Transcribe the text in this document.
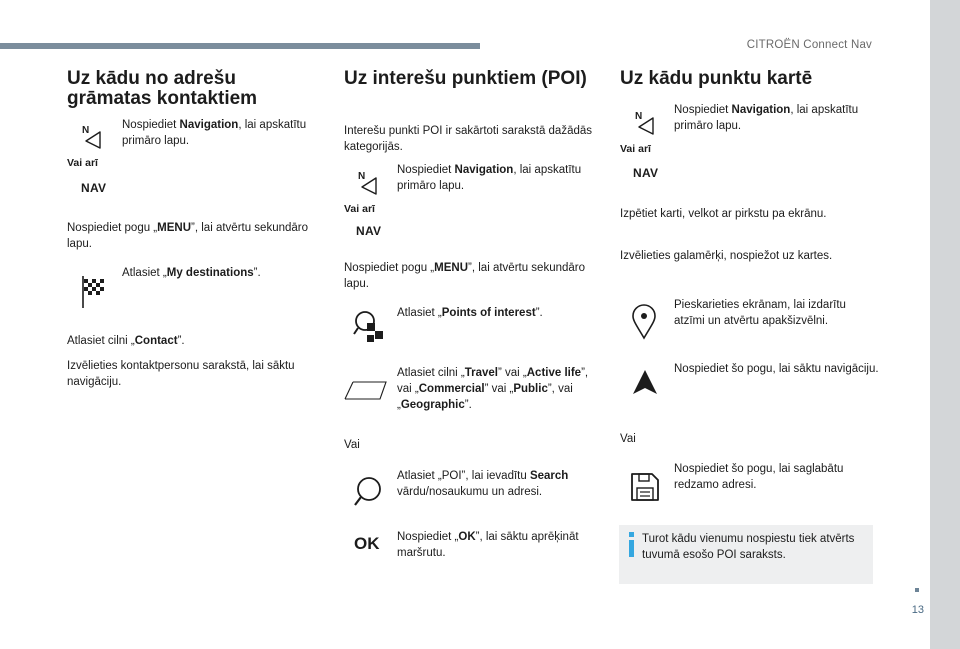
CITROËN Connect Nav
13
Uz kādu no adrešu
grāmatas kontaktiem
N
Vai arī
NAV
Nospiediet Navigation, lai apskatītu primāro lapu.
Nospiediet pogu „MENU”, lai atvērtu sekundāro lapu.
Atlasiet „My destinations”.
Atlasiet cilni „Contact”.
Izvēlieties kontaktpersonu sarakstā, lai sāktu navigāciju.
Uz interešu punktiem (POI)
Interešu punkti POI ir sakārtoti sarakstā dažādās kategorijās.
N
Vai arī
NAV
Nospiediet Navigation, lai apskatītu primāro lapu.
Nospiediet pogu „MENU”, lai atvērtu sekundāro lapu.
Atlasiet „Points of interest”.
Atlasiet cilni „Travel” vai „Active life”, vai „Commercial” vai „Public”, vai „Geographic”.
Vai
Atlasiet „POI”, lai ievadītu Search vārdu/nosaukumu un adresi.
OK Nospiediet „OK”, lai sāktu aprēķināt maršrutu.
Uz kādu punktu kartē
N
Vai arī
NAV
Nospiediet Navigation, lai apskatītu primāro lapu.
Izpētiet karti, velkot ar pirkstu pa ekrānu.
Izvēlieties galamērķi, nospiežot uz kartes.
Pieskarieties ekrānam, lai izdarītu atzīmi un atvērtu apakšizvēlni.
Nospiediet šo pogu, lai sāktu navigāciju.
Vai
Nospiediet šo pogu, lai saglabātu redzamo adresi.
Turot kādu vienumu nospiestu tiek atvērts tuvumā esošo POI saraksts.
